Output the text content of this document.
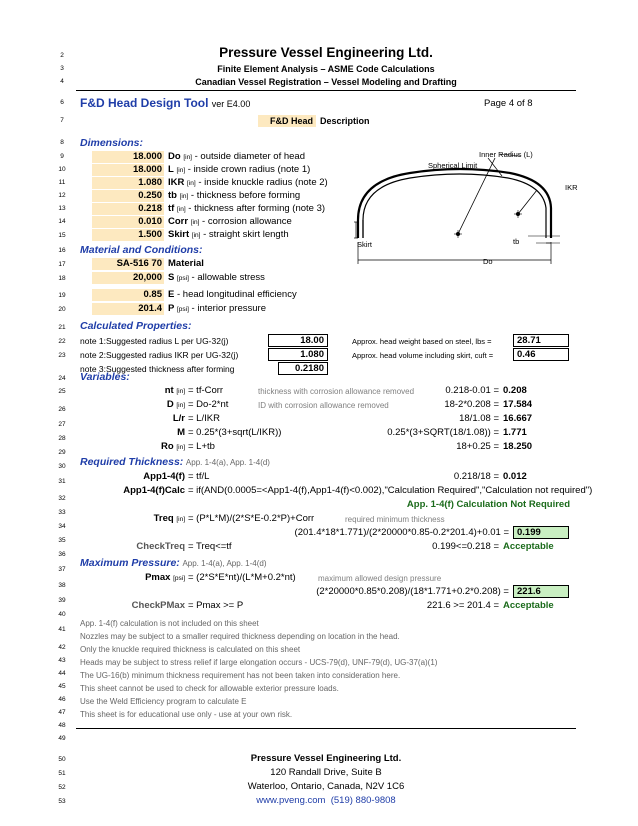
2
3
4
6
7
8
9
10
11
12
13
14
15
16
17
18
19
20
21
22
23
24
25
26
27
28
29
30
31
32
33
34
35
36
37
38
39
40
41
42
43
44
45
46
47
48
49
50
51
52
53
Pressure Vessel Engineering Ltd.
Finite Element Analysis – ASME Code Calculations
Canadian Vessel Registration – Vessel Modeling and Drafting
F&D Head Design Tool ver E4.00	Page 4 of 8
F&D Head Description
Dimensions:
18.000 Do [in] - outside diameter of head
18.000 L [in] - inside crown radius (note 1)
1.080 IKR [in] - inside knuckle radius (note 2)
0.250 tb [in] - thickness before forming
0.218 tf [in] - thickness after forming (note 3)
0.010 Corr [in] - corrosion allowance
1.500 Skirt [in] - straight skirt length
Inner Radius (L)
Spherical Limit
IKR
Skirt	tb
Do
Material and Conditions:
SA-516 70 Material
20,000 S [psi] - allowable stress
0.85 E - head longitudinal efficiency
201.4 P [psi] - interior pressure
Calculated Properties:
note 1:Suggested radius L per UG-32(j)	18.00
note 2:Suggested radius IKR per UG-32(j)	1.080
note 3:Suggested thickness after forming	0.2180
Approx. head weight based on steel, lbs =	28.71
Approx. head volume including skirt, cuft =	0.46
Variables:
nt [in] = tf-Corr	thickness with corrosion allowance removed	0.218-0.01 = 0.208
D [in] = Do-2*nt	ID with corrosion allowance removed	18-2*0.208 = 17.584
L/r = L/IKR	18/1.08 = 16.667
M = 0.25*(3+sqrt(L/IKR))	0.25*(3+SQRT(18/1.08)) = 1.771
Ro [in] = L+tb	18+0.25 = 18.250
Required Thickness: App. 1-4(a), App. 1-4(d)
App1-4(f) = tf/L	0.218/18 = 0.012
App1-4(f)Calc = if(AND(0.0005=<App1-4(f),App1-4(f)<0.002),"Calculation Required","Calculation not required")
App. 1-4(f) Calculation Not Required
Treq [in] = (P*L*M)/(2*S*E-0.2*P)+Corr	required minimum thickness
(201.4*18*1.771)/(2*20000*0.85-0.2*201.4)+0.01 = 0.199
CheckTreq = Treq<=tf	0.199<=0.218 = Acceptable
Maximum Pressure: App. 1-4(a), App. 1-4(d)
Pmax [psi] = (2*S*E*nt)/(L*M+0.2*nt)	maximum allowed design pressure
(2*20000*0.85*0.208)/(18*1.771+0.2*0.208) = 221.6
CheckPMax = Pmax >= P	221.6 >= 201.4 = Acceptable
App. 1-4(f) calculation is not included on this sheet
Nozzles may be subject to a smaller required thickness depending on location in the head.
Only the knuckle required thickness is calculated on this sheet
Heads may be subject to stress relief if large elongation occurs - UCS-79(d), UNF-79(d), UG-37(a)(1)
The UG-16(b) minimum thickness requirement has not been taken into consideration here.
This sheet cannot be used to check for allowable exterior pressure loads.
Use the Weld Efficiency program to calculate E
This sheet is for educational use only - use at your own risk.
Pressure Vessel Engineering Ltd.
120 Randall Drive, Suite B
Waterloo, Ontario, Canada, N2V 1C6
www.pveng.com (519) 880-9808
